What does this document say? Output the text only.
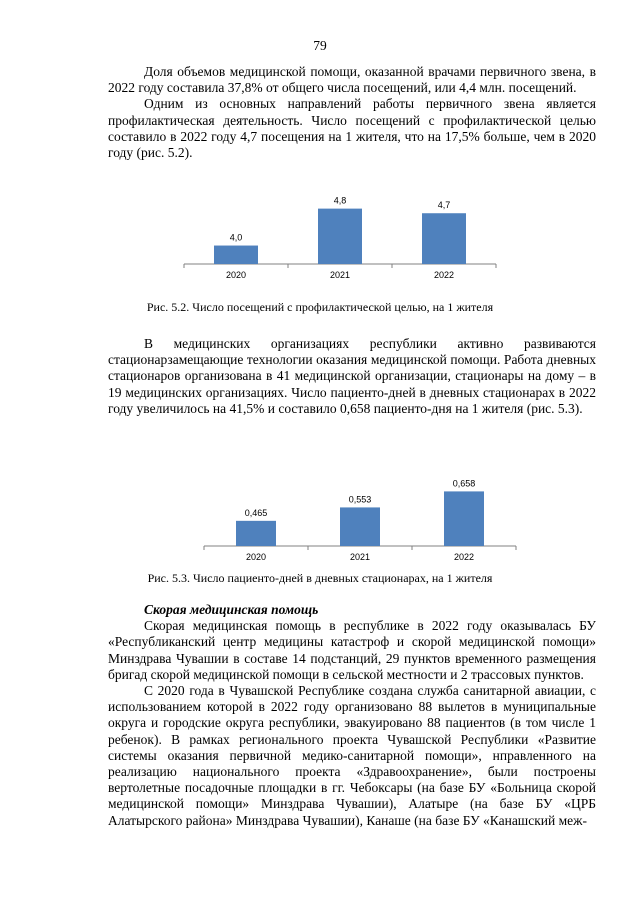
79

Доля объемов медицинской помощи, оказанной врачами первичного звена, в 2022 году составила 37,8% от общего числа посещений, или 4,4 млн. посещений.

Одним из основных направлений работы первичного звена является профилактическая деятельность. Число посещений с профилактической целью составило в 2022 году 4,7 посещения на 1 жителя, что на 17,5% больше, чем в 2020 году (рис. 5.2).

4,0
2020
4,8
2021
4,7
2022
Рис. 5.2. Число посещений с профилактической целью, на 1 жителя

В медицинских организациях республики активно развиваются стационарзамещающие технологии оказания медицинской помощи. Работа дневных стационаров организована в 41 медицинской организации, стационары на дому – в 19 медицинских организациях. Число пациенто-дней в дневных стационарах в 2022 году увеличилось на 41,5% и составило 0,658 пациенто-дня на 1 жителя (рис. 5.3).

0,465
2020
0,553
2021
0,658
2022
Рис. 5.3. Число пациенто-дней в дневных стационарах, на 1 жителя

Скорая медицинская помощь

Скорая медицинская помощь в республике в 2022 году оказывалась БУ «Республиканский центр медицины катастроф и скорой медицинской помощи» Минздрава Чувашии в составе 14 подстанций, 29 пунктов временного размещения бригад скорой медицинской помощи в сельской местности и 2 трассовых пунктов.

С 2020 года в Чувашской Республике создана служба санитарной авиации, с использованием которой в 2022 году организовано 88 вылетов в муниципальные округа и городские округа республики, эвакуировано 88 пациентов (в том числе 1 ребенок). В рамках регионального проекта Чувашской Республики «Развитие системы оказания первичной медико-санитарной помощи», нправленного на реализацию национального проекта «Здравоохранение», были построены вертолетные посадочные площадки в гг. Чебоксары (на базе БУ «Больница скорой медицинской помощи» Минздрава Чувашии), Алатыре (на базе БУ «ЦРБ Алатырского района» Минздрава Чувашии), Канаше (на базе БУ «Канашский меж-
